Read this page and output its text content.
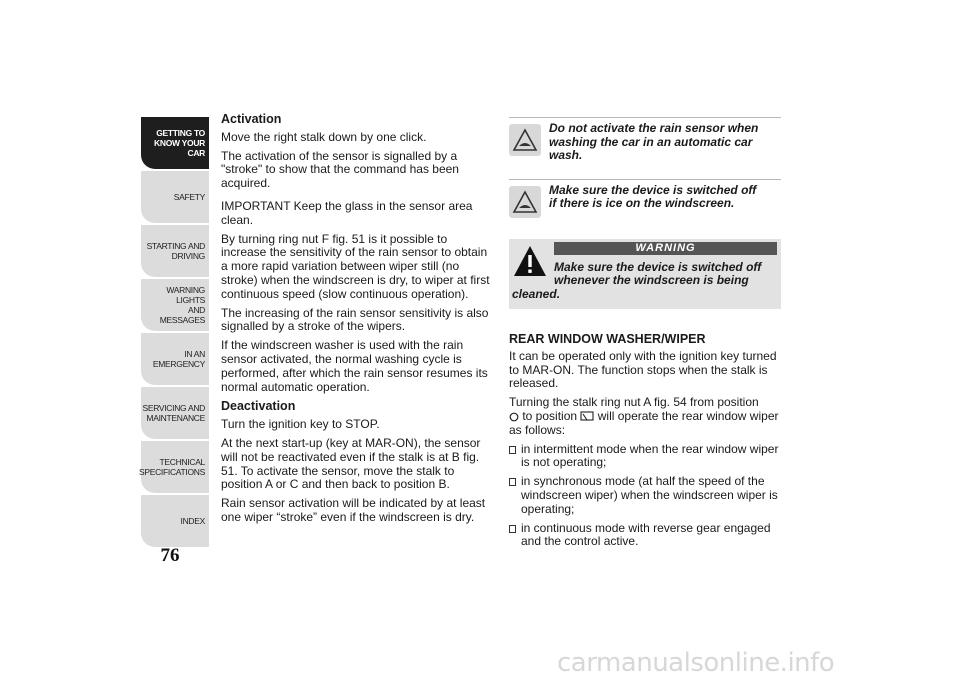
GETTING TO
KNOW YOUR CAR
SAFETY
STARTING AND
DRIVING
WARNING LIGHTS
AND MESSAGES
IN AN EMERGENCY
SERVICING AND
MAINTENANCE
TECHNICAL
SPECIFICATIONS
INDEX
76
Activation

Move the right stalk down by one click.

The activation of the sensor is signalled by a "stroke" to show that the command has been acquired.

IMPORTANT Keep the glass in the sensor area clean.

By turning ring nut F fig. 51 is it possible to increase the sensitivity of the rain sensor to obtain a more rapid variation between wiper still (no stroke) when the windscreen is dry, to wiper at first continuous speed (slow continuous operation).

The increasing of the rain sensor sensitivity is also signalled by a stroke of the wipers.

If the windscreen washer is used with the rain sensor activated, the normal washing cycle is performed, after which the rain sensor resumes its normal automatic operation.

Deactivation

Turn the ignition key to STOP.

At the next start-up (key at MAR-ON), the sensor will not be reactivated even if the stalk is at B fig. 51. To activate the sensor, move the stalk to position A or C and then back to position B.

Rain sensor activation will be indicated by at least one wiper “stroke” even if the windscreen is dry.

Do not activate the rain sensor when washing the car in an automatic car wash.
Make sure the device is switched off if there is ice on the windscreen.
WARNING
Make sure the device is switched off whenever the windscreen is being
cleaned.
REAR WINDOW WASHER/WIPER

It can be operated only with the ignition key turned to MAR-ON. The function stops when the stalk is released.

Turning the stalk ring nut A fig. 54 from position
to position will operate the rear window wiper as follows:

in intermittent mode when the rear window wiper is not operating;
in synchronous mode (at half the speed of the windscreen wiper) when the windscreen wiper is operating;
in continuous mode with reverse gear engaged and the control active.
carmanualsonline.info
